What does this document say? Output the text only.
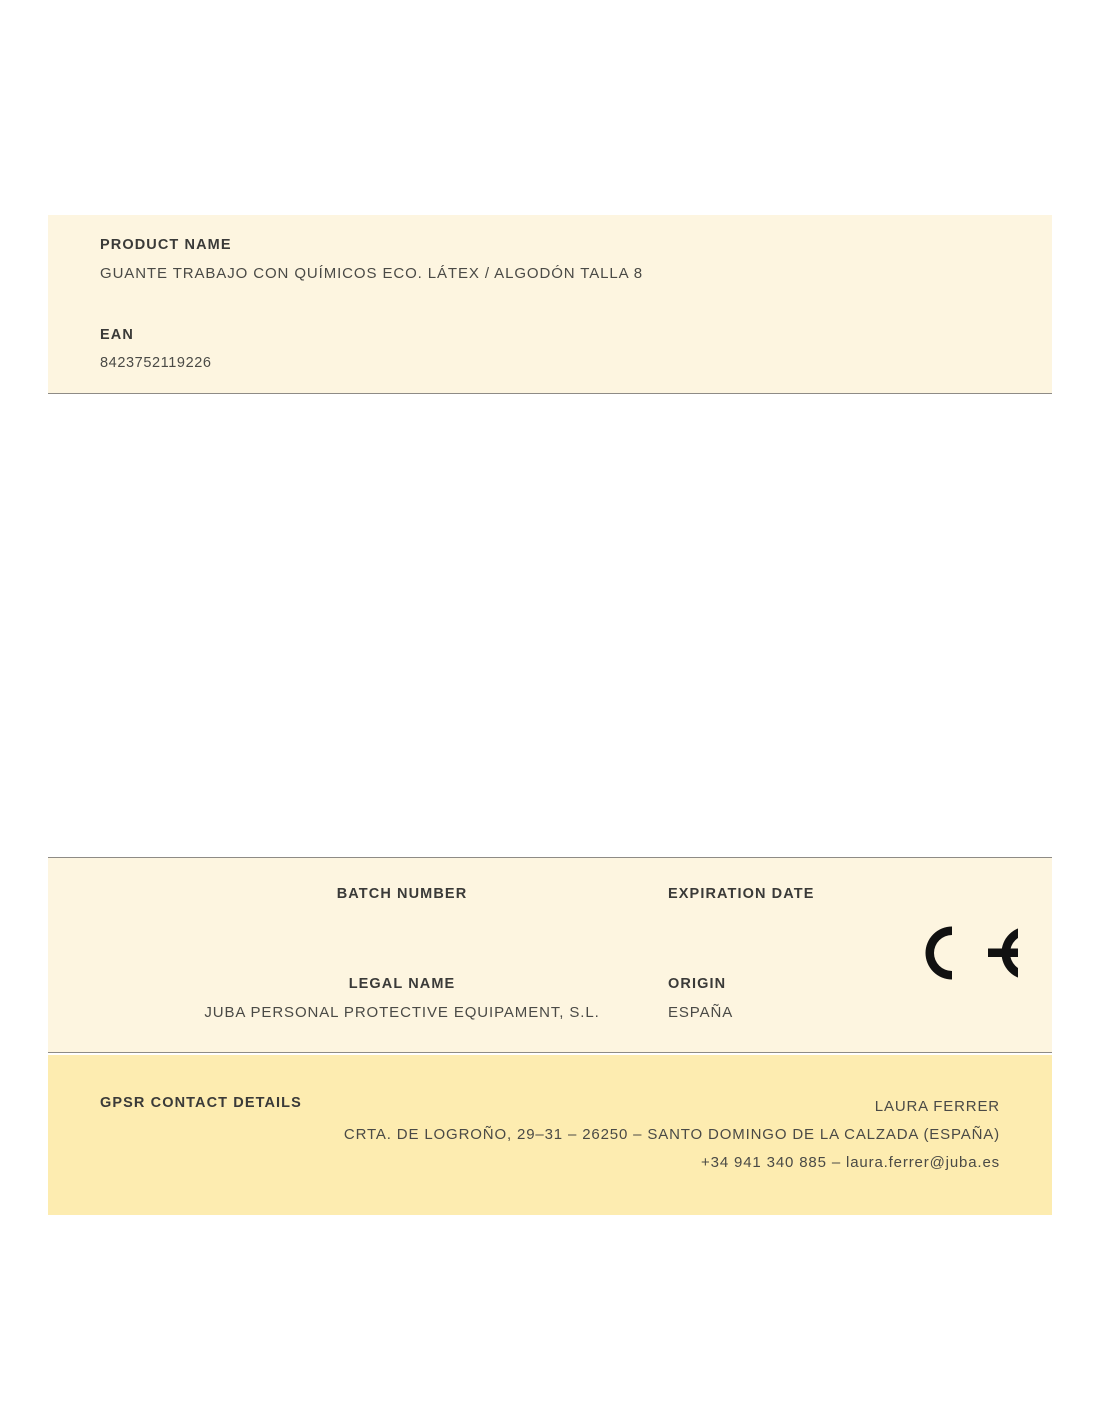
PRODUCT NAME
GUANTE TRABAJO CON QUÍMICOS ECO. LÁTEX / ALGODÓN TALLA 8
EAN
8423752119226
BATCH NUMBER	EXPIRATION DATE
LEGAL NAME
JUBA PERSONAL PROTECTIVE EQUIPAMENT, S.L.
ORIGIN
ESPAÑA
GPSR CONTACT DETAILS	LAURA FERRER
CRTA. DE LOGROÑO, 29–31 – 26250 – SANTO DOMINGO DE LA CALZADA (ESPAÑA)
+34 941 340 885 – laura.ferrer@juba.es
